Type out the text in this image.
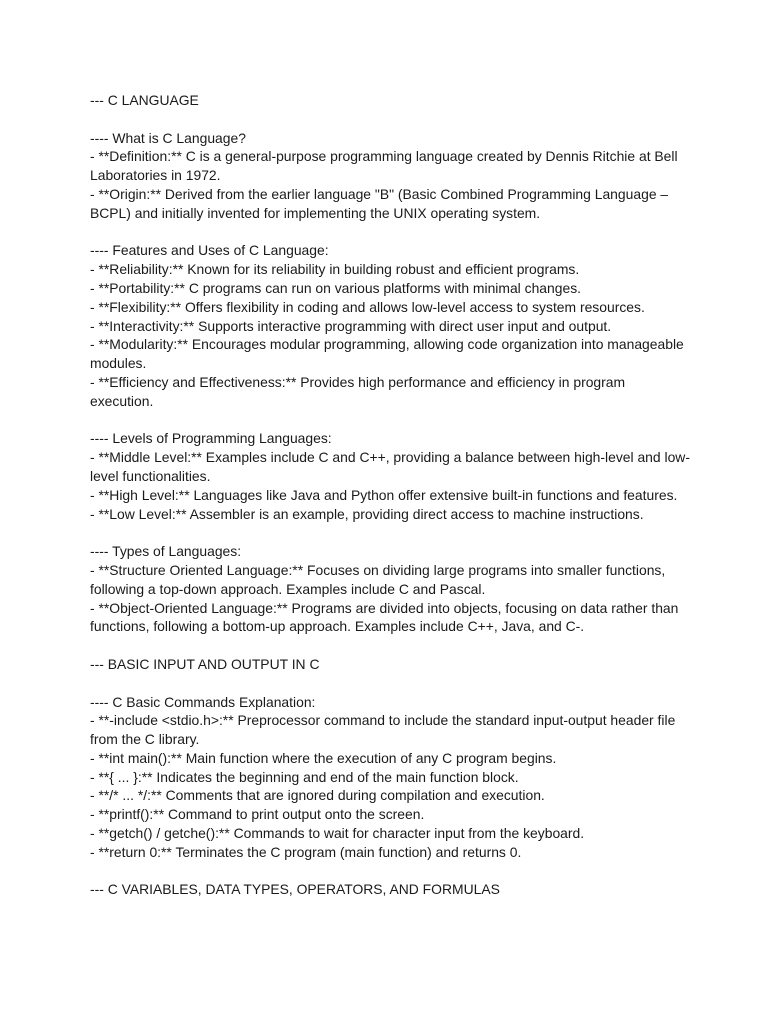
--- C LANGUAGE

---- What is C Language?

- **Definition:** C is a general-purpose programming language created by Dennis Ritchie at Bell Laboratories in 1972.

- **Origin:** Derived from the earlier language "B" (Basic Combined Programming Language – BCPL) and initially invented for implementing the UNIX operating system.

---- Features and Uses of C Language:

- **Reliability:** Known for its reliability in building robust and efficient programs.

- **Portability:** C programs can run on various platforms with minimal changes.

- **Flexibility:** Offers flexibility in coding and allows low-level access to system resources.

- **Interactivity:** Supports interactive programming with direct user input and output.

- **Modularity:** Encourages modular programming, allowing code organization into manageable modules.

- **Efficiency and Effectiveness:** Provides high performance and efficiency in program execution.

---- Levels of Programming Languages:

- **Middle Level:** Examples include C and C++, providing a balance between high-level and low-level functionalities.

- **High Level:** Languages like Java and Python offer extensive built-in functions and features.

- **Low Level:** Assembler is an example, providing direct access to machine instructions.

---- Types of Languages:

- **Structure Oriented Language:** Focuses on dividing large programs into smaller functions, following a top-down approach. Examples include C and Pascal.

- **Object-Oriented Language:** Programs are divided into objects, focusing on data rather than functions, following a bottom-up approach. Examples include C++, Java, and C-.

--- BASIC INPUT AND OUTPUT IN C

---- C Basic Commands Explanation:

- **-include <stdio.h>:** Preprocessor command to include the standard input-output header file from the C library.

- **int main():** Main function where the execution of any C program begins.

- **{ ... }:** Indicates the beginning and end of the main function block.

- **/* ... */:** Comments that are ignored during compilation and execution.

- **printf():** Command to print output onto the screen.

- **getch() / getche():** Commands to wait for character input from the keyboard.

- **return 0:** Terminates the C program (main function) and returns 0.

--- C VARIABLES, DATA TYPES, OPERATORS, AND FORMULAS
